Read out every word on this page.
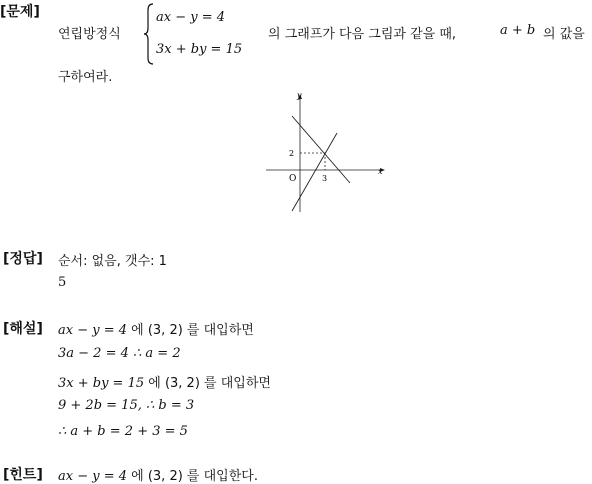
[문제]
연립방정식
ax − y = 4
3x + by = 15
의 그래프가 다음 그림과 같을 때,	a + b 의 값을
구하여라.
y
x
O
2
3
[정답] 순서: 없음, 갯수: 1
5
[해설] ax − y = 4 에 (3, 2) 를 대입하면
3a − 2 = 4 ∴ a = 2
3x + by = 15 에 (3, 2) 를 대입하면
9 + 2b = 15, ∴ b = 3
∴ a + b = 2 + 3 = 5
[힌트] ax − y = 4 에 (3, 2) 를 대입한다.
